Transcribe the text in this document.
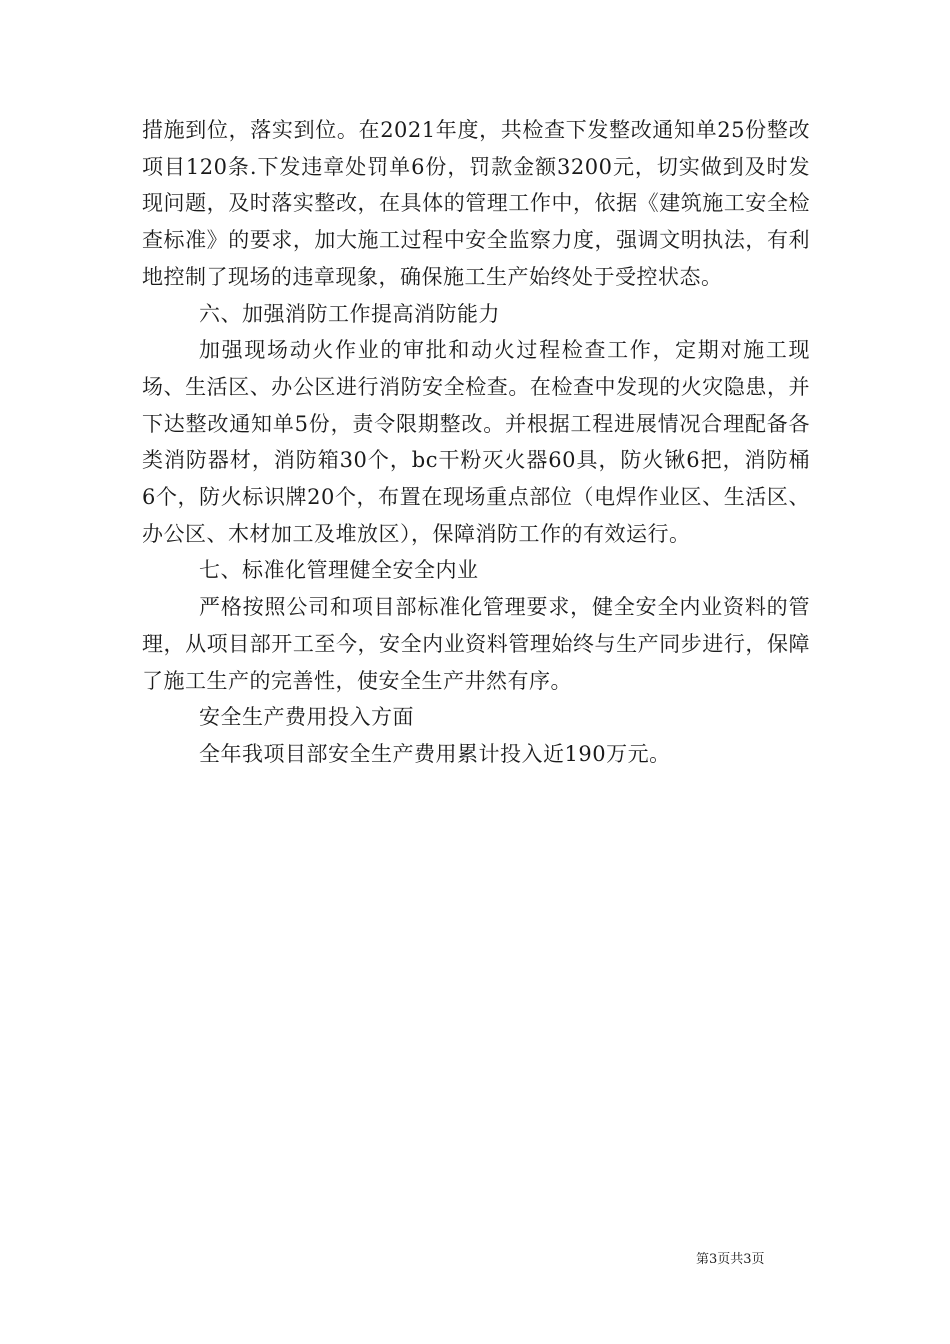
措施到位，落实到位。在2021年度，共检查下发整改通知单25份整改项目120条.下发违章处罚单6份，罚款金额3200元，切实做到及时发现问题，及时落实整改，在具体的管理工作中，依据《建筑施工安全检查标准》的要求，加大施工过程中安全监察力度，强调文明执法，有利地控制了现场的违章现象，确保施工生产始终处于受控状态。

六、加强消防工作提高消防能力

加强现场动火作业的审批和动火过程检查工作，定期对施工现场、生活区、办公区进行消防安全检查。在检查中发现的火灾隐患，并下达整改通知单5份，责令限期整改。并根据工程进展情况合理配备各类消防器材，消防箱30个，bc干粉灭火器60具，防火锹6把，消防桶6个，防火标识牌20个，布置在现场重点部位（电焊作业区、生活区、办公区、木材加工及堆放区），保障消防工作的有效运行。

七、标准化管理健全安全内业

严格按照公司和项目部标准化管理要求，健全安全内业资料的管理，从项目部开工至今，安全内业资料管理始终与生产同步进行，保障了施工生产的完善性，使安全生产井然有序。

安全生产费用投入方面

全年我项目部安全生产费用累计投入近190万元。

第3页共3页
